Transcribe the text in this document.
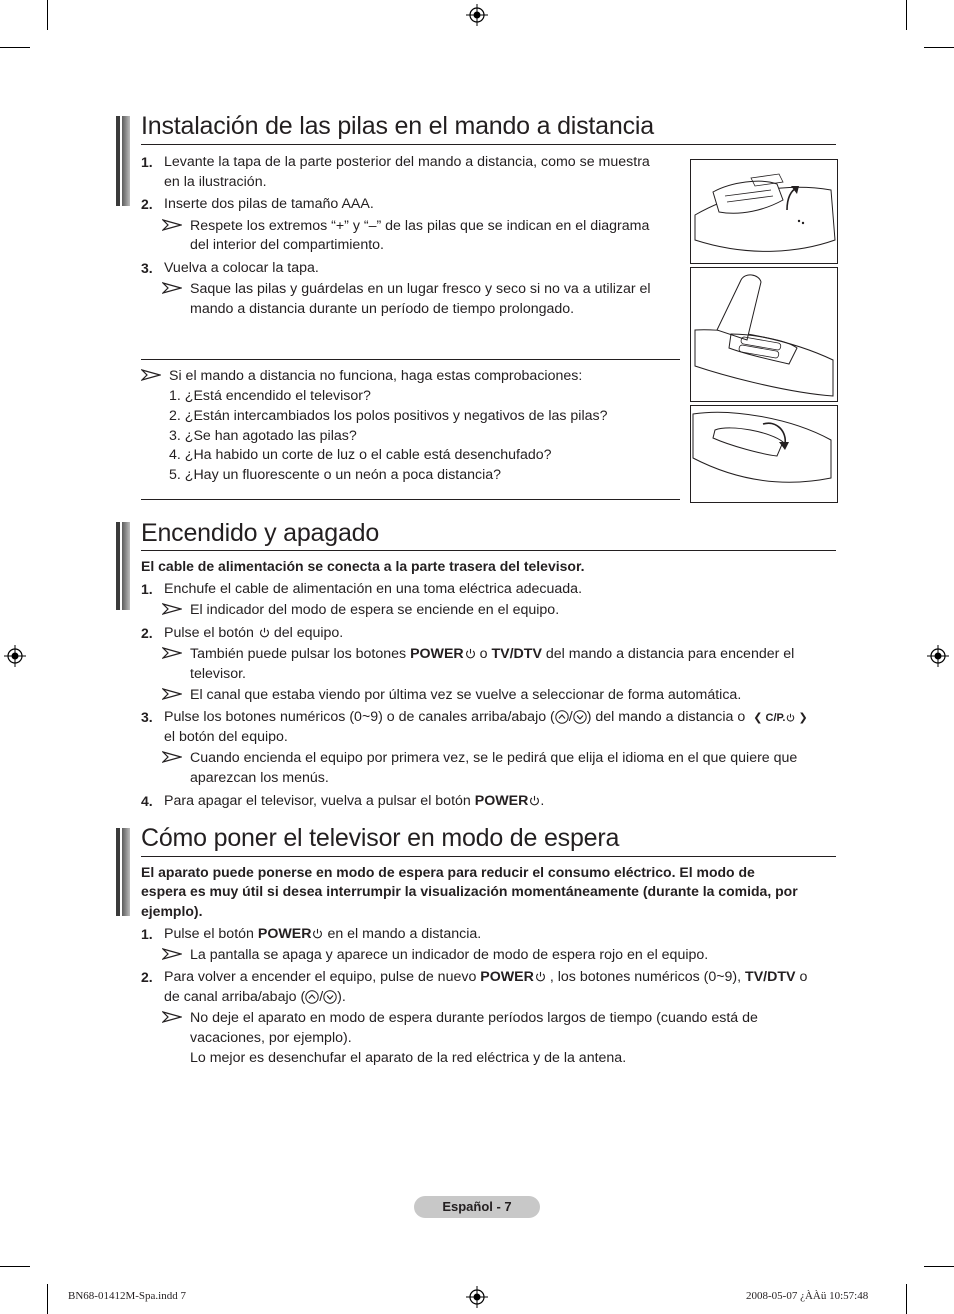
Instalación de las pilas en el mando a distancia
1. Levante la tapa de la parte posterior del mando a distancia, como se muestra
en la ilustración.
2. Inserte dos pilas de tamaño AAA.
Respete los extremos “+” y “–” de las pilas que se indican en el diagrama
del interior del compartimiento.
3. Vuelva a colocar la tapa.
Saque las pilas y guárdelas en un lugar fresco y seco si no va a utilizar el
mando a distancia durante un período de tiempo prolongado.
Si el mando a distancia no funciona, haga estas comprobaciones:
1. ¿Está encendido el televisor?
2. ¿Están intercambiados los polos positivos y negativos de las pilas?
3. ¿Se han agotado las pilas?
4. ¿Ha habido un corte de luz o el cable está desenchufado?
5. ¿Hay un fluorescente o un neón a poca distancia?
Encendido y apagado
El cable de alimentación se conecta a la parte trasera del televisor.
1. Enchufe el cable de alimentación en una toma eléctrica adecuada.
El indicador del modo de espera se enciende en el equipo.
2. Pulse el botón del equipo.
También puede pulsar los botones POWER o TV/DTV del mando a distancia para encender el
televisor.
El canal que estaba viendo por última vez se vuelve a seleccionar de forma automática.
3. Pulse los botones numéricos (0~9) o de canales arriba/abajo ( / ) del mando a distancia o ❮ C/P. ❯
el botón del equipo.
Cuando encienda el equipo por primera vez, se le pedirá que elija el idioma en el que quiere que
aparezcan los menús.
4. Para apagar el televisor, vuelva a pulsar el botón POWER .
Cómo poner el televisor en modo de espera
El aparato puede ponerse en modo de espera para reducir el consumo eléctrico. El modo de
espera es muy útil si desea interrumpir la visualización momentáneamente (durante la comida, por
ejemplo).
1. Pulse el botón POWER en el mando a distancia.
La pantalla se apaga y aparece un indicador de modo de espera rojo en el equipo.
2. Para volver a encender el equipo, pulse de nuevo POWER , los botones numéricos (0~9), TV/DTV o
de canal arriba/abajo ( / ).
No deje el aparato en modo de espera durante períodos largos de tiempo (cuando está de
vacaciones, por ejemplo).
Lo mejor es desenchufar el aparato de la red eléctrica y de la antena.
Español - 7
BN68-01412M-Spa.indd 7	2008-05-07 ¿ÀÀü 10:57:48
